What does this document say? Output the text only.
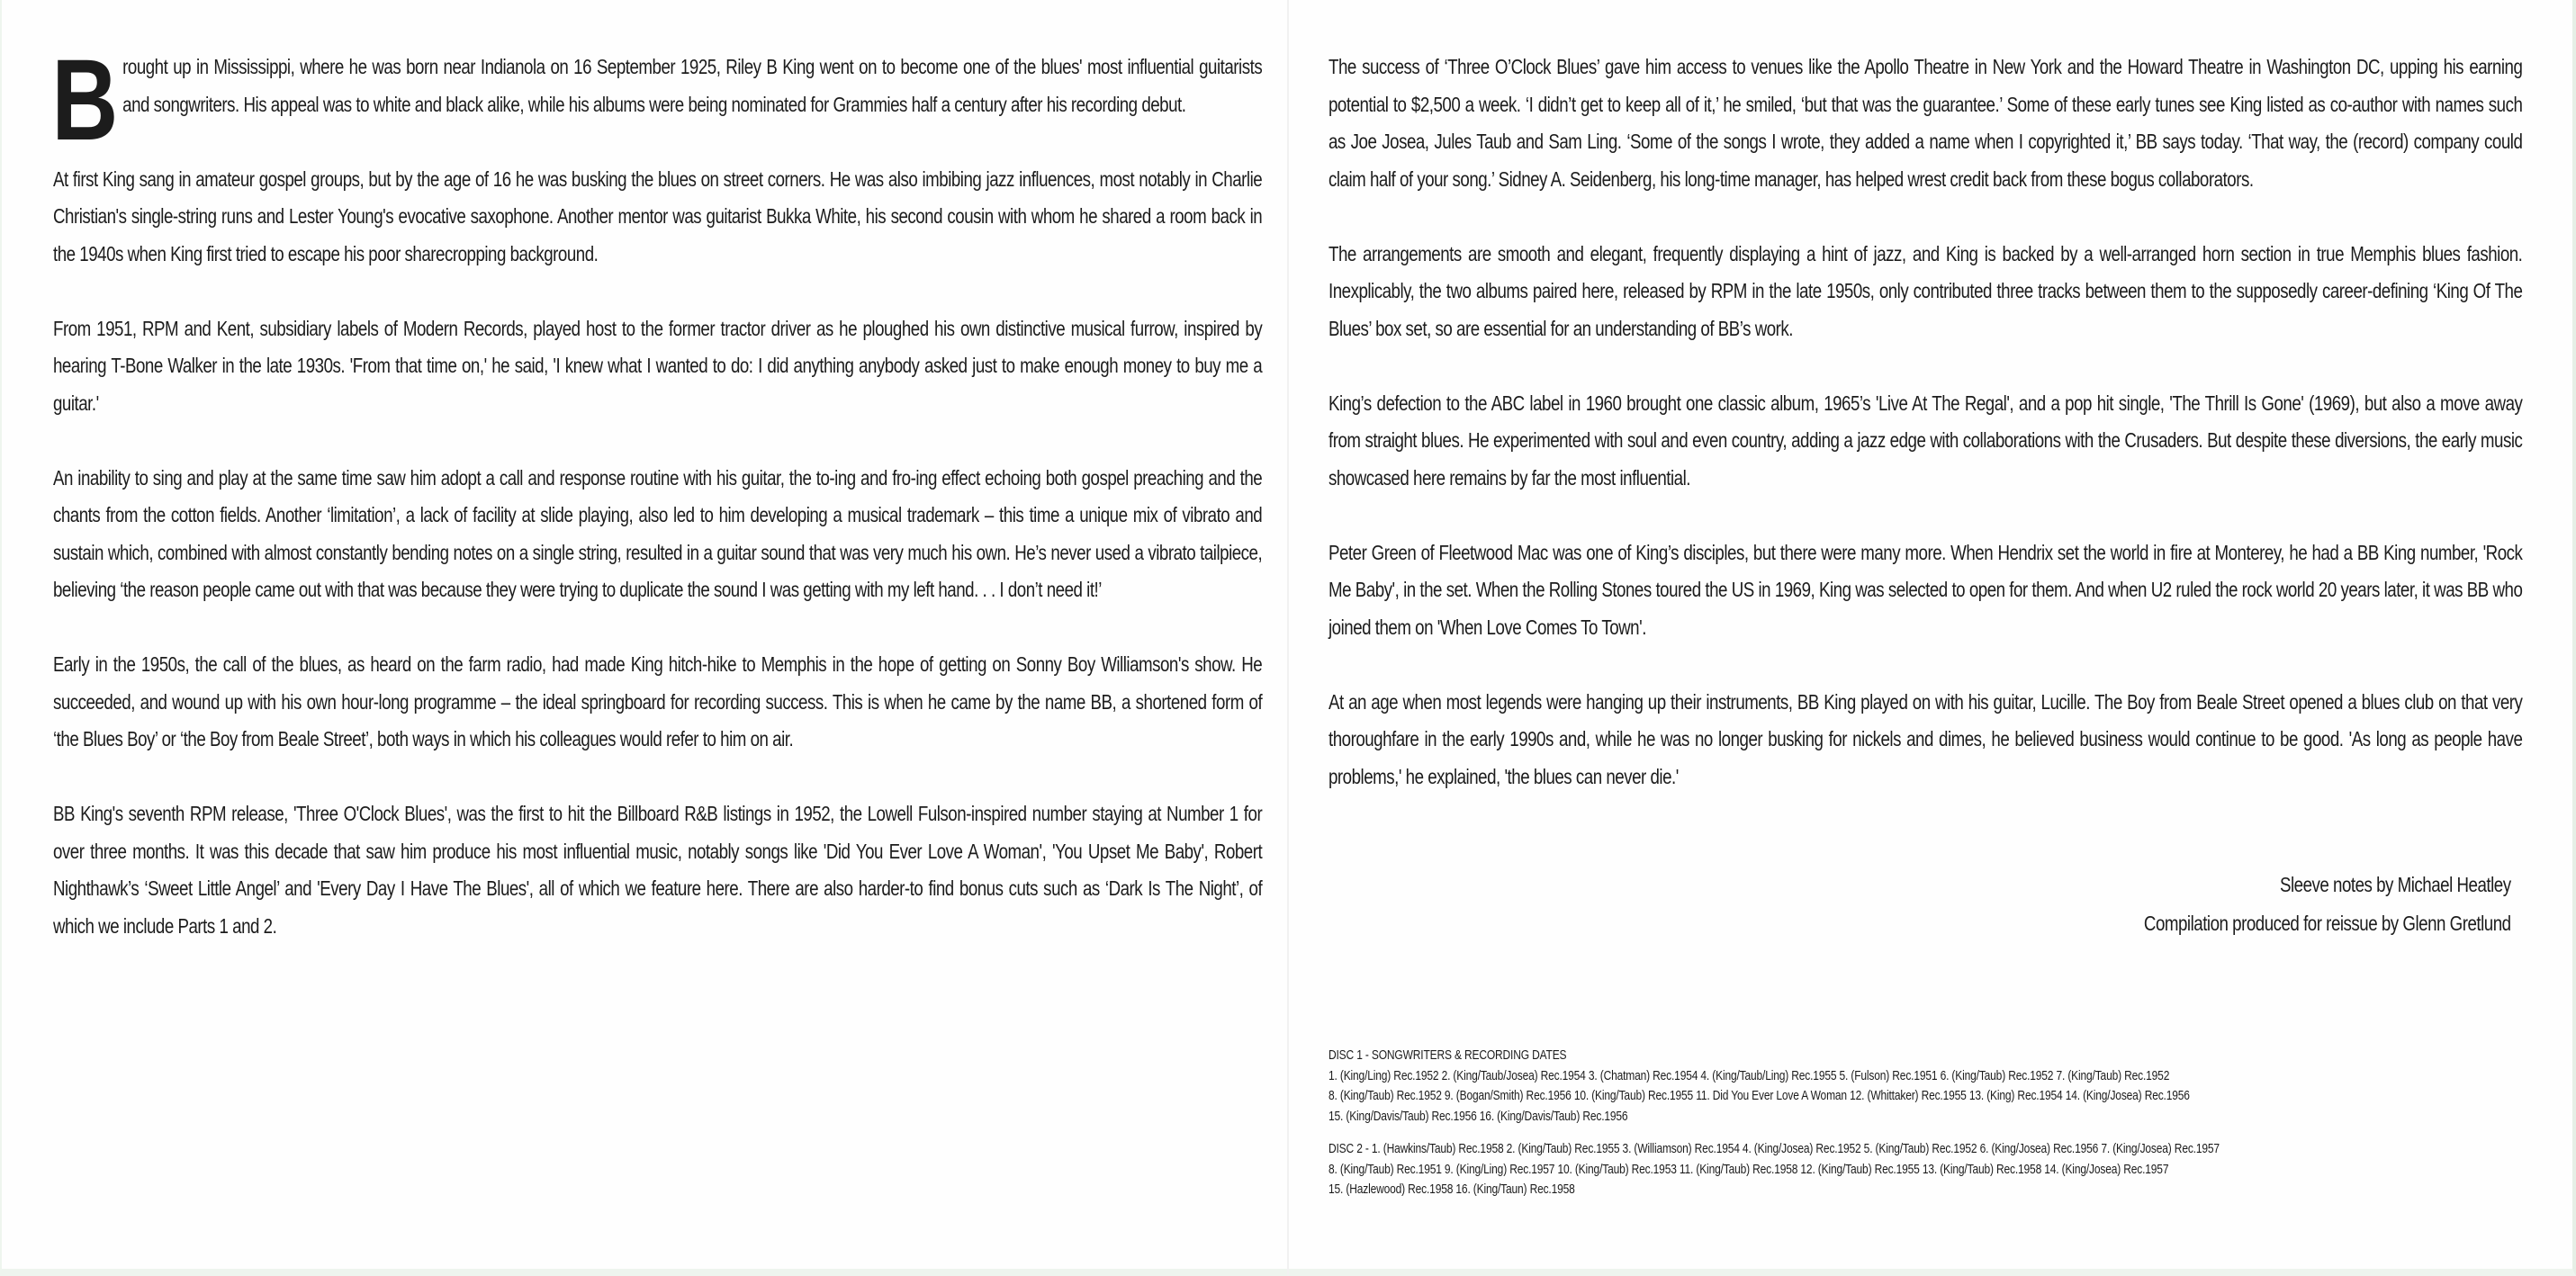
Brought up in Mississippi, where he was born near Indianola on 16 September 1925, Riley B King went on to become one of the blues' most influential guitarists and songwriters. His appeal was to white and black alike, while his albums were being nominated for Grammies half a century after his recording debut.

At first King sang in amateur gospel groups, but by the age of 16 he was busking the blues on street corners. He was also imbibing jazz influences, most notably in Charlie Christian's single-string runs and Lester Young's evocative saxophone. Another mentor was guitarist Bukka White, his second cousin with whom he shared a room back in the 1940s when King first tried to escape his poor sharecropping background.

From 1951, RPM and Kent, subsidiary labels of Modern Records, played host to the former tractor driver as he ploughed his own distinctive musical furrow, inspired by hearing T-Bone Walker in the late 1930s. 'From that time on,' he said, 'I knew what I wanted to do: I did anything anybody asked just to make enough money to buy me a guitar.'

An inability to sing and play at the same time saw him adopt a call and response routine with his guitar, the to-ing and fro-ing effect echoing both gospel preaching and the chants from the cotton fields. Another ‘limitation’, a lack of facility at slide playing, also led to him developing a musical trademark – this time a unique mix of vibrato and sustain which, combined with almost constantly bending notes on a single string, resulted in a guitar sound that was very much his own. He’s never used a vibrato tailpiece, believing ‘the reason people came out with that was because they were trying to duplicate the sound I was getting with my left hand. . . I don’t need it!’

Early in the 1950s, the call of the blues, as heard on the farm radio, had made King hitch-hike to Memphis in the hope of getting on Sonny Boy Williamson's show. He succeeded, and wound up with his own hour-long programme – the ideal springboard for recording success. This is when he came by the name BB, a shortened form of ‘the Blues Boy’ or ‘the Boy from Beale Street’, both ways in which his colleagues would refer to him on air.

BB King's seventh RPM release, 'Three O'Clock Blues', was the first to hit the Billboard R&B listings in 1952, the Lowell Fulson-inspired number staying at Number 1 for over three months. It was this decade that saw him produce his most influential music, notably songs like 'Did You Ever Love A Woman', 'You Upset Me Baby', Robert Nighthawk’s ‘Sweet Little Angel’ and 'Every Day I Have The Blues', all of which we feature here. There are also harder-to find bonus cuts such as ‘Dark Is The Night’, of which we include Parts 1 and 2.

The success of ‘Three O’Clock Blues’ gave him access to venues like the Apollo Theatre in New York and the Howard Theatre in Washington DC, upping his earning potential to $2,500 a week. ‘I didn’t get to keep all of it,’ he smiled, ‘but that was the guarantee.’ Some of these early tunes see King listed as co-author with names such as Joe Josea, Jules Taub and Sam Ling. ‘Some of the songs I wrote, they added a name when I copyrighted it,’ BB says today. ‘That way, the (record) company could claim half of your song.’ Sidney A. Seidenberg, his long-time manager, has helped wrest credit back from these bogus collaborators.

The arrangements are smooth and elegant, frequently displaying a hint of jazz, and King is backed by a well-arranged horn section in true Memphis blues fashion. Inexplicably, the two albums paired here, released by RPM in the late 1950s, only contributed three tracks between them to the supposedly career-defining ‘King Of The Blues’ box set, so are essential for an understanding of BB’s work.

King’s defection to the ABC label in 1960 brought one classic album, 1965’s 'Live At The Regal', and a pop hit single, 'The Thrill Is Gone' (1969), but also a move away from straight blues. He experimented with soul and even country, adding a jazz edge with collaborations with the Crusaders. But despite these diversions, the early music showcased here remains by far the most influential.

Peter Green of Fleetwood Mac was one of King’s disciples, but there were many more. When Hendrix set the world in fire at Monterey, he had a BB King number, 'Rock Me Baby', in the set. When the Rolling Stones toured the US in 1969, King was selected to open for them. And when U2 ruled the rock world 20 years later, it was BB who joined them on 'When Love Comes To Town'.

At an age when most legends were hanging up their instruments, BB King played on with his guitar, Lucille. The Boy from Beale Street opened a blues club on that very thoroughfare in the early 1990s and, while he was no longer busking for nickels and dimes, he believed business would continue to be good. 'As long as people have problems,' he explained, 'the blues can never die.'

Sleeve notes by Michael Heatley
Compilation produced for reissue by Glenn Gretlund
DISC 1 - SONGWRITERS & RECORDING DATES
1. (King/Ling) Rec.1952 2. (King/Taub/Josea) Rec.1954 3. (Chatman) Rec.1954 4. (King/Taub/Ling) Rec.1955 5. (Fulson) Rec.1951 6. (King/Taub) Rec.1952 7. (King/Taub) Rec.1952
8. (King/Taub) Rec.1952 9. (Bogan/Smith) Rec.1956 10. (King/Taub) Rec.1955 11. Did You Ever Love A Woman 12. (Whittaker) Rec.1955 13. (King) Rec.1954 14. (King/Josea) Rec.1956
15. (King/Davis/Taub) Rec.1956 16. (King/Davis/Taub) Rec.1956
DISC 2 - 1. (Hawkins/Taub) Rec.1958 2. (King/Taub) Rec.1955 3. (Williamson) Rec.1954 4. (King/Josea) Rec.1952 5. (King/Taub) Rec.1952 6. (King/Josea) Rec.1956 7. (King/Josea) Rec.1957
8. (King/Taub) Rec.1951 9. (King/Ling) Rec.1957 10. (King/Taub) Rec.1953 11. (King/Taub) Rec.1958 12. (King/Taub) Rec.1955 13. (King/Taub) Rec.1958 14. (King/Josea) Rec.1957
15. (Hazlewood) Rec.1958 16. (King/Taun) Rec.1958
